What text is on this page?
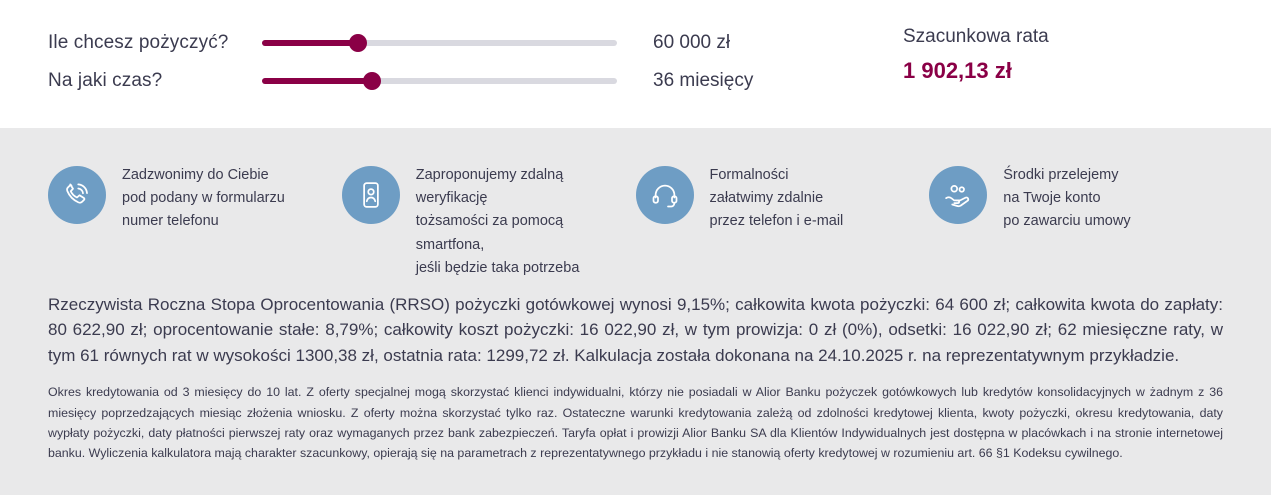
Ile chcesz pożyczyć?	60 000 zł
Na jaki czas?	36 miesięcy
Szacunkowa rata
1 902,13 zł
Zadzwonimy do Ciebie
pod podany w formularzu
numer telefonu
Zaproponujemy zdalną weryfikację
tożsamości za pomocą smartfona,
jeśli będzie taka potrzeba
Formalności
załatwimy zdalnie
przez telefon i e-mail
Środki przelejemy
na Twoje konto
po zawarciu umowy
Rzeczywista Roczna Stopa Oprocentowania (RRSO) pożyczki gotówkowej wynosi 9,15%; całkowita kwota pożyczki: 64 600 zł; całkowita kwota do zapłaty: 80 622,90 zł; oprocentowanie stałe: 8,79%; całkowity koszt pożyczki: 16 022,90 zł, w tym prowizja: 0 zł (0%), odsetki: 16 022,90 zł; 62 miesięczne raty, w tym 61 równych rat w wysokości 1300,38 zł, ostatnia rata: 1299,72 zł. Kalkulacja została dokonana na 24.10.2025 r. na reprezentatywnym przykładzie.
Okres kredytowania od 3 miesięcy do 10 lat. Z oferty specjalnej mogą skorzystać klienci indywidualni, którzy nie posiadali w Alior Banku pożyczek gotówkowych lub kredytów konsolidacyjnych w żadnym z 36 miesięcy poprzedzających miesiąc złożenia wniosku. Z oferty można skorzystać tylko raz. Ostateczne warunki kredytowania zależą od zdolności kredytowej klienta, kwoty pożyczki, okresu kredytowania, daty wypłaty pożyczki, daty płatności pierwszej raty oraz wymaganych przez bank zabezpieczeń. Taryfa opłat i prowizji Alior Banku SA dla Klientów Indywidualnych jest dostępna w placówkach i na stronie internetowej banku. Wyliczenia kalkulatora mają charakter szacunkowy, opierają się na parametrach z reprezentatywnego przykładu i nie stanowią oferty kredytowej w rozumieniu art. 66 §1 Kodeksu cywilnego.
